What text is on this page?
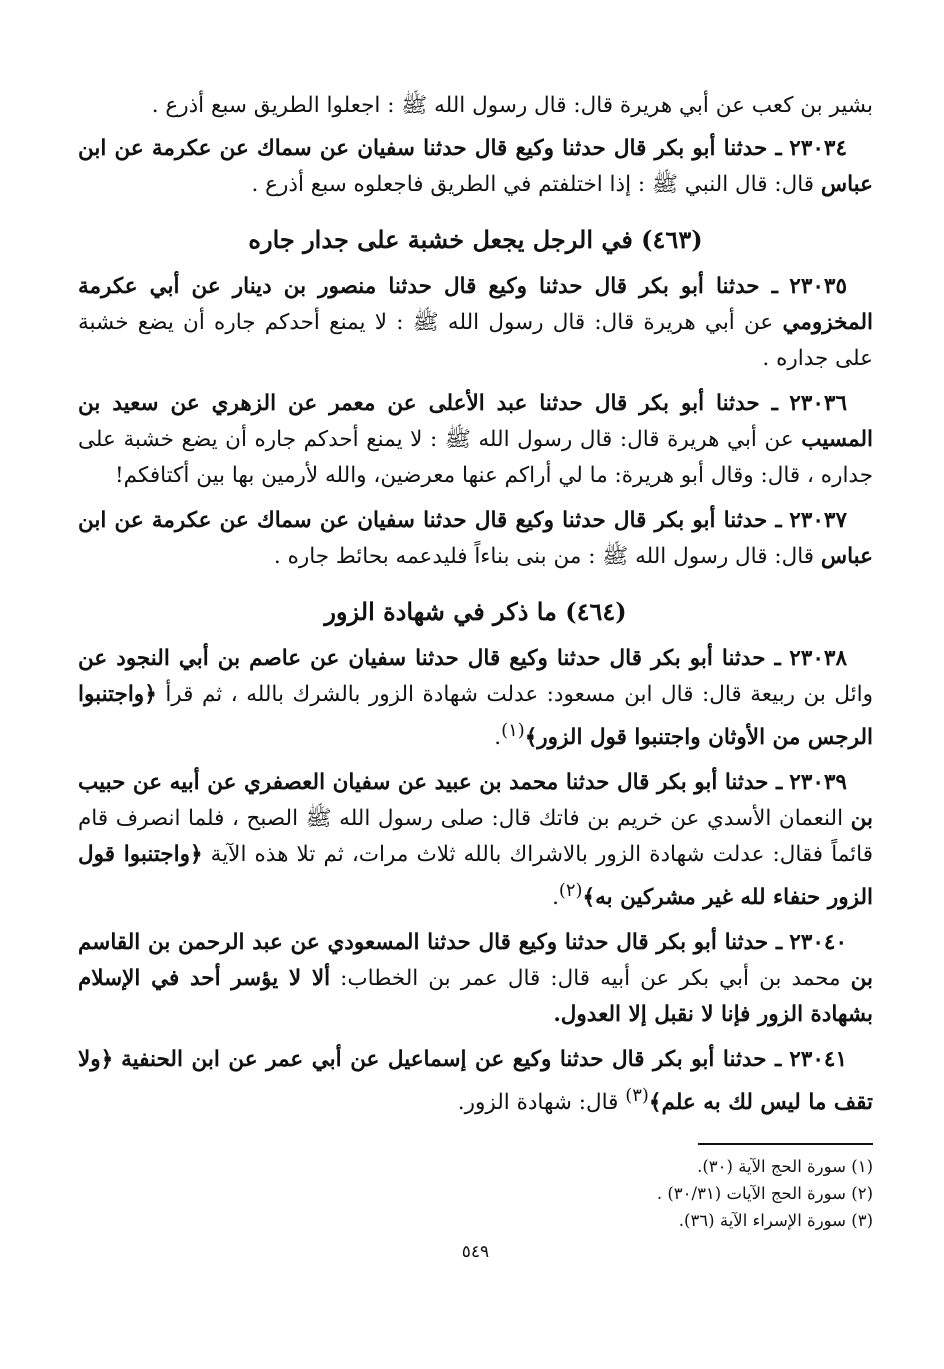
بشير بن كعب عن أبي هريرة قال: قال رسول الله ﷺ : اجعلوا الطريق سبع أذرع .

٢٣٠٣٤ ـ حدثنا أبو بكر قال حدثنا وكيع قال حدثنا سفيان عن سماك عن عكرمة عن ابن عباس قال: قال النبي ﷺ : إذا اختلفتم في الطريق فاجعلوه سبع أذرع .

(٤٦٣) في الرجل يجعل خشبة على جدار جاره

٢٣٠٣٥ ـ حدثنا أبو بكر قال حدثنا وكيع قال حدثنا منصور بن دينار عن أبي عكرمة المخزومي عن أبي هريرة قال: قال رسول الله ﷺ : لا يمنع أحدكم جاره أن يضع خشبة على جداره .

٢٣٠٣٦ ـ حدثنا أبو بكر قال حدثنا عبد الأعلى عن معمر عن الزهري عن سعيد بن المسيب عن أبي هريرة قال: قال رسول الله ﷺ : لا يمنع أحدكم جاره أن يضع خشبة على جداره ، قال: وقال أبو هريرة: ما لي أراكم عنها معرضين، والله لأرمين بها بين أكتافكم!

٢٣٠٣٧ ـ حدثنا أبو بكر قال حدثنا وكيع قال حدثنا سفيان عن سماك عن عكرمة عن ابن عباس قال: قال رسول الله ﷺ : من بنى بناءاً فليدعمه بحائط جاره .

(٤٦٤) ما ذكر في شهادة الزور

٢٣٠٣٨ ـ حدثنا أبو بكر قال حدثنا وكيع قال حدثنا سفيان عن عاصم بن أبي النجود عن وائل بن ربيعة قال: قال ابن مسعود: عدلت شهادة الزور بالشرك بالله ، ثم قرأ ﴿واجتنبوا الرجس من الأوثان واجتنبوا قول الزور﴾$^{(١)}$.

٢٣٠٣٩ ـ حدثنا أبو بكر قال حدثنا محمد بن عبيد عن سفيان العصفري عن أبيه عن حبيب بن النعمان الأسدي عن خريم بن فاتك قال: صلى رسول الله ﷺ الصبح ، فلما انصرف قام قائماً فقال: عدلت شهادة الزور بالاشراك بالله ثلاث مرات، ثم تلا هذه الآية ﴿واجتنبوا قول الزور حنفاء لله غير مشركين به﴾$^{(٢)}$.

٢٣٠٤٠ ـ حدثنا أبو بكر قال حدثنا وكيع قال حدثنا المسعودي عن عبد الرحمن بن القاسم بن محمد بن أبي بكر عن أبيه قال: قال عمر بن الخطاب: ألا لا يؤسر أحد في الإسلام بشهادة الزور فإنا لا نقبل إلا العدول.

٢٣٠٤١ ـ حدثنا أبو بكر قال حدثنا وكيع عن إسماعيل عن أبي عمر عن ابن الحنفية ﴿ولا تقف ما ليس لك به علم﴾$^{(٣)}$ قال: شهادة الزور.

(١) سورة الحج الآية (٣٠).

(٢) سورة الحج الآيات (٣٠/٣١) .

(٣) سورة الإسراء الآية (٣٦).

٥٤٩
